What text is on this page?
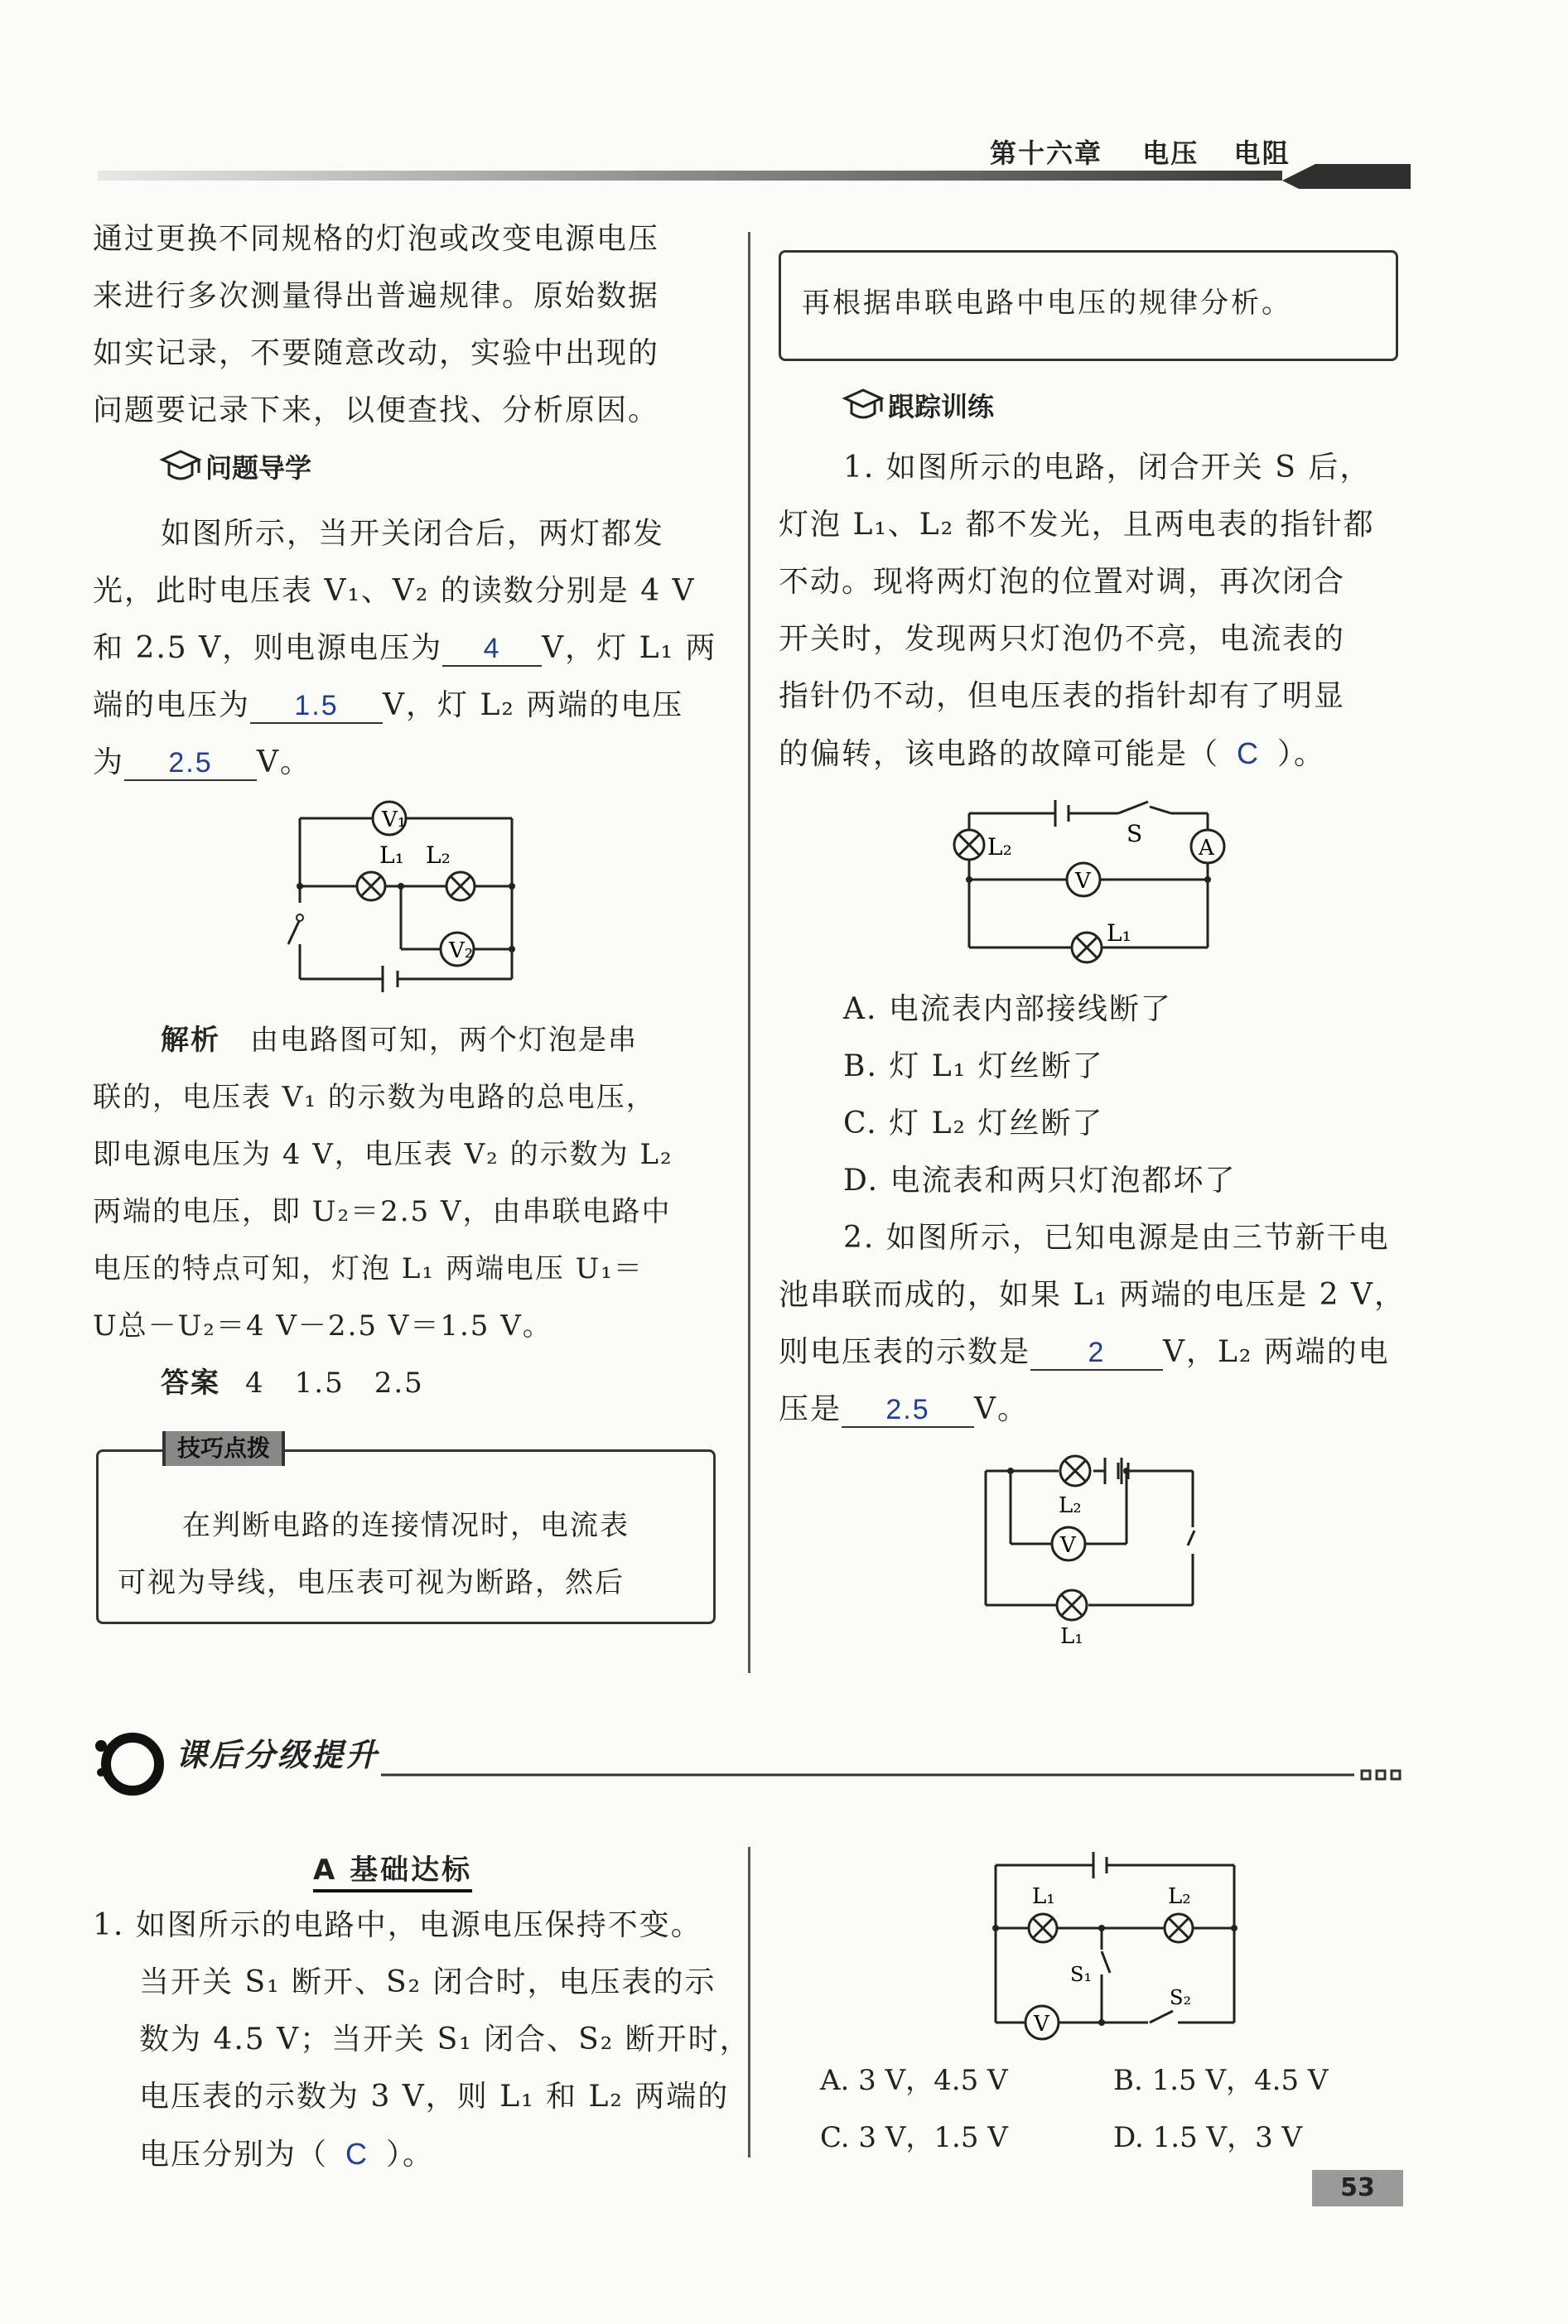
第十六章 电压 电阻
通过更换不同规格的灯泡或改变电源电压
来进行多次测量得出普遍规律。原始数据
如实记录，不要随意改动，实验中出现的
问题要记录下来，以便查找、分析原因。
问题导学
如图所示，当开关闭合后，两灯都发
光，此时电压表 V₁、V₂ 的读数分别是 4 V
和 2.5 V，则电源电压为 4 V，灯 L₁ 两
端的电压为 1.5 V，灯 L₂ 两端的电压
为 2.5 V。
V₁
L₁ L₂
V₂
解析 由电路图可知，两个灯泡是串
联的，电压表 V₁ 的示数为电路的总电压，
即电源电压为 4 V，电压表 V₂ 的示数为 L₂
两端的电压，即 U₂＝2.5 V，由串联电路中
电压的特点可知，灯泡 L₁ 两端电压 U₁＝
U总－U₂＝4 V－2.5 V＝1.5 V。
答案 4　1.5　2.5
技巧点拨
在判断电路的连接情况时，电流表
可视为导线，电压表可视为断路，然后
再根据串联电路中电压的规律分析。
跟踪训练
1. 如图所示的电路，闭合开关 S 后，
灯泡 L₁、L₂ 都不发光，且两电表的指针都
不动。现将两灯泡的位置对调，再次闭合
开关时，发现两只灯泡仍不亮，电流表的
指针仍不动，但电压表的指针却有了明显
的偏转，该电路的故障可能是（ C ）。
L₂	S
A
V
L₁
A. 电流表内部接线断了
B. 灯 L₁ 灯丝断了
C. 灯 L₂ 灯丝断了
D. 电流表和两只灯泡都坏了
2. 如图所示，已知电源是由三节新干电
池串联而成的，如果 L₁ 两端的电压是 2 V，
则电压表的示数是 2 V，L₂ 两端的电
压是 2.5 V。
L₂
V
L₁
课后分级提升
A 基础达标
1. 如图所示的电路中，电源电压保持不变。
当开关 S₁ 断开、S₂ 闭合时，电压表的示
数为 4.5 V；当开关 S₁ 闭合、S₂ 断开时，
电压表的示数为 3 V，则 L₁ 和 L₂ 两端的
电压分别为（ C ）。
L₁	L₂
S₁
S₂
V
A. 3 V，4.5 V	B. 1.5 V，4.5 V
C. 3 V，1.5 V	D. 1.5 V，3 V
53
